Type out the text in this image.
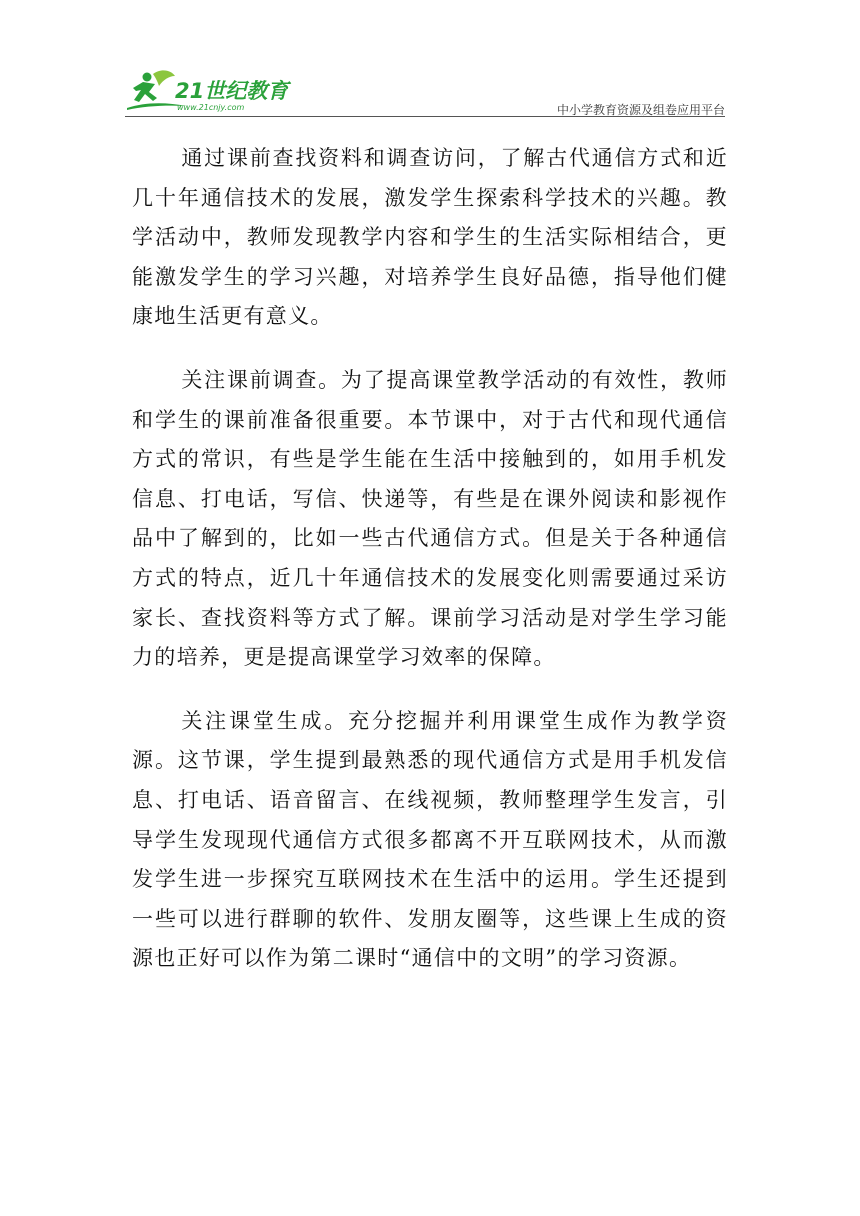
21世纪教育
www.21cnjy.com	中小学教育资源及组卷应用平台

通过课前查找资料和调查访问，了解古代通信方式和近几十年通信技术的发展，激发学生探索科学技术的兴趣。教学活动中，教师发现教学内容和学生的生活实际相结合，更能激发学生的学习兴趣，对培养学生良好品德，指导他们健康地生活更有意义。

关注课前调查。为了提高课堂教学活动的有效性，教师和学生的课前准备很重要。本节课中，对于古代和现代通信方式的常识，有些是学生能在生活中接触到的，如用手机发信息、打电话，写信、快递等，有些是在课外阅读和影视作品中了解到的，比如一些古代通信方式。但是关于各种通信方式的特点，近几十年通信技术的发展变化则需要通过采访家长、查找资料等方式了解。课前学习活动是对学生学习能力的培养，更是提高课堂学习效率的保障。

关注课堂生成。充分挖掘并利用课堂生成作为教学资源。这节课，学生提到最熟悉的现代通信方式是用手机发信息、打电话、语音留言、在线视频，教师整理学生发言，引导学生发现现代通信方式很多都离不开互联网技术，从而激发学生进一步探究互联网技术在生活中的运用。学生还提到一些可以进行群聊的软件、发朋友圈等，这些课上生成的资源也正好可以作为第二课时“通信中的文明”的学习资源。
